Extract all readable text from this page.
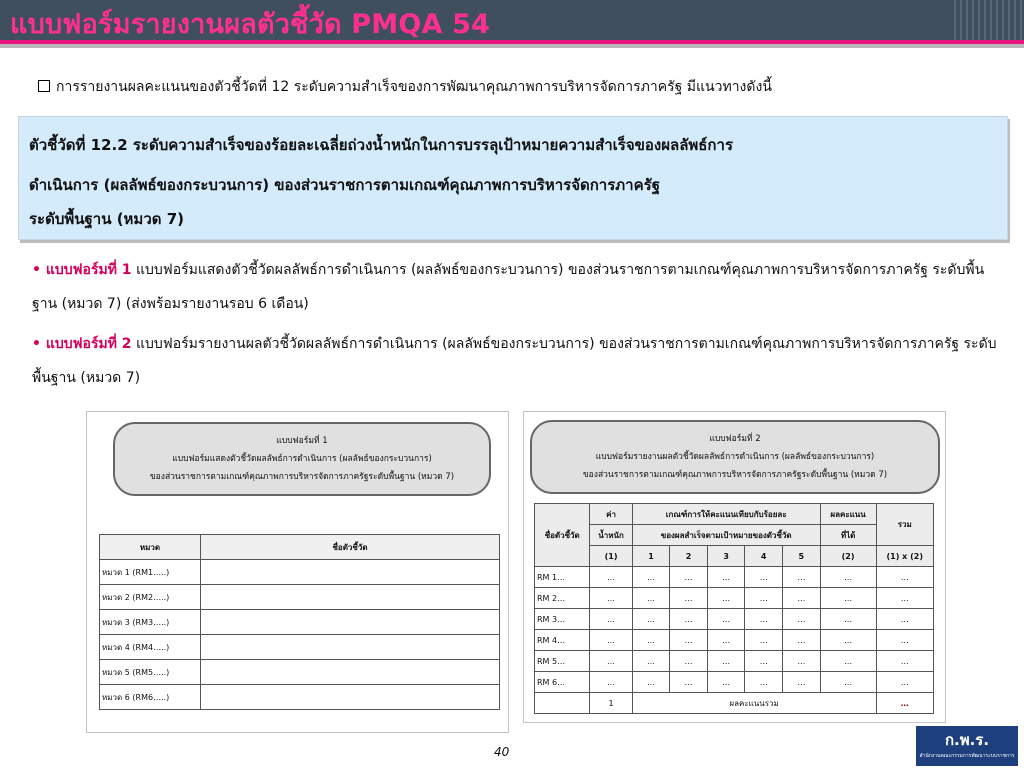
แบบฟอร์มรายงานผลตัวชี้วัด PMQA 54
การรายงานผลคะแนนของตัวชี้วัดที่ 12 ระดับความสำเร็จของการพัฒนาคุณภาพการบริหารจัดการภาครัฐ มีแนวทางดังนี้
ตัวชี้วัดที่ 12.2 ระดับความสำเร็จของร้อยละเฉลี่ยถ่วงน้ำหนักในการบรรลุเป้าหมายความสำเร็จของผลลัพธ์การ
ดำเนินการ (ผลลัพธ์ของกระบวนการ) ของส่วนราชการตามเกณฑ์คุณภาพการบริหารจัดการภาครัฐ
ระดับพื้นฐาน (หมวด 7)
• แบบฟอร์มที่ 1 แบบฟอร์มแสดงตัวชี้วัดผลลัพธ์การดำเนินการ (ผลลัพธ์ของกระบวนการ) ของส่วนราชการตามเกณฑ์คุณภาพการบริหารจัดการภาครัฐ ระดับพื้นฐาน (หมวด 7) (ส่งพร้อมรายงานรอบ 6 เดือน)
• แบบฟอร์มที่ 2 แบบฟอร์มรายงานผลตัวชี้วัดผลลัพธ์การดำเนินการ (ผลลัพธ์ของกระบวนการ) ของส่วนราชการตามเกณฑ์คุณภาพการบริหารจัดการภาครัฐ ระดับพื้นฐาน (หมวด 7)
แบบฟอร์มที่ 1
แบบฟอร์มแสดงตัวชี้วัดผลลัพธ์การดำเนินการ (ผลลัพธ์ของกระบวนการ)
ของส่วนราชการตามเกณฑ์คุณภาพการบริหารจัดการภาครัฐระดับพื้นฐาน (หมวด 7)
หมวด	ชื่อตัวชี้วัด
หมวด 1 (RM1…..)	
หมวด 2 (RM2…..)	
หมวด 3 (RM3…..)	
หมวด 4 (RM4…..)	
หมวด 5 (RM5…..)	
หมวด 6 (RM6…..)	
แบบฟอร์มที่ 2
แบบฟอร์มรายงานผลตัวชี้วัดผลลัพธ์การดำเนินการ (ผลลัพธ์ของกระบวนการ)
ของส่วนราชการตามเกณฑ์คุณภาพการบริหารจัดการภาครัฐระดับพื้นฐาน (หมวด 7)
ชื่อตัวชี้วัด	ค่า	เกณฑ์การให้คะแนนเทียบกับร้อยละ					ผลคะแนน	รวม
	น้ำหนัก	ของผลสำเร็จตามเป้าหมายของตัวชี้วัด					ที่ได้	
	(1)	1	2	3	4	5	(2)	(1) x (2)
RM 1…	…	…	…	…	…	…	…	…
RM 2…	…	…	…	…	…	…	…	…
RM 3…	…	…	…	…	…	…	…	…
RM 4…	…	…	…	…	…	…	…	…
RM 5…	…	…	…	…	…	…	…	…
RM 6…	…	…	…	…	…	…	…	…
	1	ผลคะแนนรวม						…
40
ก.พ.ร.
สำนักงานคณะกรรมการพัฒนาระบบราชการ
